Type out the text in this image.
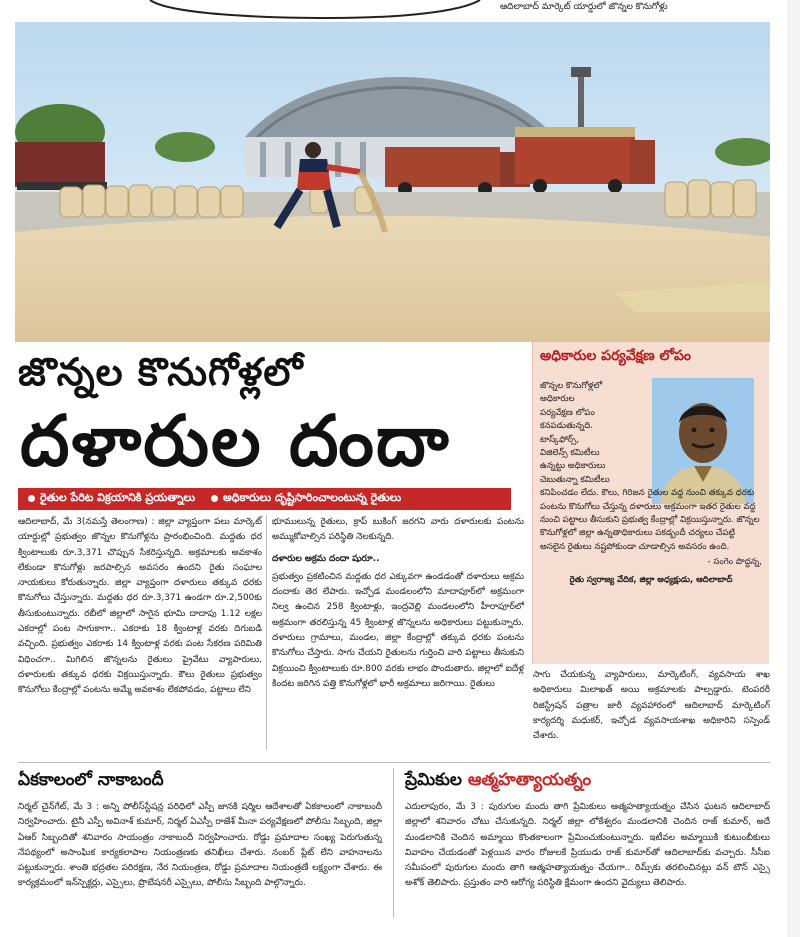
ఆదిలాబాద్ మార్కెట్ యార్డులో జొన్నల కొనుగోళ్లు
జొన్నల కొనుగోళ్లలో
దళారుల దందా
రైతుల పేరిట విక్రయానికి ప్రయత్నాలు	అధికారులు దృష్టిసారించాలంటున్న రైతులు
అధికారుల పర్యవేక్షణ లోపం

జొన్నల కొనుగోళ్లలో

అధికారుల

పర్యవేక్షణ లోపం

కనపడుతున్నది.

టాస్క్‌ఫోర్స్,

విజిలెన్స్ కమిటీలు

ఉన్నట్టు అధికారులు

చెబుతున్నా కమిటీలు

కనిపించడం లేదు. కౌలు, గిరిజన రైతుల వద్ద నుంచి తక్కువ ధరకు పంటను కొనుగోలు చేస్తున్న దళారులు అక్రమంగా ఇతర రైతుల వద్ద నుంచి పట్టాలు తీసుకుని ప్రభుత్వ కేంద్రాల్లో విక్రయిస్తున్నారు. జొన్నల కొనుగోళ్లలో జిల్లా ఉన్నతాధికారులు పకడ్బందీ చర్యలు చేపట్టి అసలైన రైతులు నష్టపోకుండా చూడాల్సిన అవసరం ఉంది.

- సంగెం పొద్దన్న,

రైతు స్వరాజ్య వేదిక, జిల్లా అధ్యక్షుడు, ఆదిలాబాద్

ఆదిలాబాద్, మే 3(నమస్తే తెలంగాణ) : జిల్లా వ్యాప్తంగా పలు మార్కెట్ యార్డుల్లో ప్రభుత్వం జొన్నల కొనుగోళ్లను ప్రారంభించింది. మద్దతు ధర క్వింటాలుకు రూ.3,371 చొప్పున సేకరిస్తున్నది. అక్రమాలకు అవకాశం లేకుండా కొనుగోళ్లు జరపాల్సిన అవసరం ఉందని రైతు సంఘాల నాయకులు కోరుతున్నారు. జిల్లా వ్యాప్తంగా దళారులు తక్కువ ధరకు కొనుగోలు చేస్తున్నారు. మద్దతు ధర రూ.3,371 ఉండగా రూ.2,500కు తీసుకుంటున్నారు. రబీలో జిల్లాలో సాగైన భూమి దాదాపు 1.12 లక్షల ఎకరాల్లో పంట సాగుకాగా.. ఎకరాకు 18 క్వింటాళ్ల వరకు దిగుబడి వచ్చింది. ప్రభుత్వం ఎకరాకు 14 క్వింటాళ్ల వరకు పంట సేకరణ పరిమితి విధించగా.. మిగిలిన జొన్నలను రైతులు ప్రైవేటు వ్యాపారులు, దళారులకు తక్కువ ధరకు విక్రయిస్తున్నారు. కౌలు రైతులు ప్రభుత్వం కొనుగోలు కేంద్రాల్లో పంటను అమ్మే అవకాశం లేకపోవడం, పట్టాలు లేని

భూములున్న రైతులు, క్రాప్ బుకింగ్ జరగని వారు దళారులకు పంటను అమ్ముకోవాల్సిన పరిస్థితి నెలకున్నది.

దళారుల అక్రమ దందా షురూ..

ప్రభుత్వం ప్రకటించిన మద్దతు ధర ఎక్కువగా ఉండడంతో దళారులు అక్రమ దందాకు తెర లేపారు. ఇచ్చోడ మండలంలోని మాదాపూర్‌లో అక్రమంగా నిల్వ ఉంచిన 258 క్వింటాళ్లు, ఇంద్రవెల్లి మండలంలోని హీరాపూర్‌లో అక్రమంగా తరలిస్తున్న 45 క్వింటాళ్ల జొన్నలను అధికారులు పట్టుకున్నారు. దళారులు గ్రామాలు, మండల, జిల్లా కేంద్రాల్లో తక్కువ ధరకు పంటను కొనుగోలు చేస్తారు. సాగు చేయని రైతులను గుర్తించి వారి పట్టాలు తీసుకుని విక్రయించి క్వింటాలుకు రూ.800 వరకు లాభం పొందుతారు. జిల్లాలో ఐదేళ్ల కిందట జరిగిన పత్తి కొనుగోళ్లలో భారీ అక్రమాలు జరిగాయి. రైతులు

సాగు చేయకున్న వ్యాపారులు, మార్కెటింగ్, వ్యవసాయ శాఖ అధికారులు మిలాఖత్ అయి అక్రమాలకు పాల్పడ్డారు. టెంపరరీ రిజిస్ట్రేషన్ పత్రాల జారీ వ్యవహారంలో ఆదిలాబాద్ మార్కెటింగ్ కార్యదర్శి మధుకర్, ఇచ్చోడ వ్యవసాయశాఖ అధికారిని సస్పెండ్ చేశారు.

ఏకకాలంలో నాకాబందీ	ప్రేమికుల ఆత్మహత్యాయత్నం

నిర్మల్ చైన్‌గేట్, మే 3 : అన్ని పోలీస్‌స్టేషన్ల పరిధిలో ఎస్పీ జానకి షర్మిల ఆదేశాలతో ఏకకాలంలో నాకాబందీ నిర్వహించారు. టైనీ ఎస్పీ అవినాశ్ కుమార్, నిర్మల్ ఏఎస్పీ రాజేశ్ మీనా పర్యవేక్షణలో పోలీసు సిబ్బంది, జిల్లా ఏఆర్ సిబ్బందితో శనివారం సాయంత్రం నాకాబందీ నిర్వహించారు. రోడ్డు ప్రమాదాల సంఖ్య పెరుగుతున్న నేపథ్యంలో అసాంఘిక కార్యకలాపాల నియంత్రణకు తనిఖీలు చేశారు. నంబర్ ప్లేట్ లేని వాహనాలను పట్టుకున్నారు. శాంతి భద్రతల పరిరక్షణ, నేర నియంత్రణ, రోడ్డు ప్రమాదాల నియంత్రణే లక్ష్యంగా చేశారు. ఈ కార్యక్రమంలో ఇన్‌స్పెక్టర్లు, ఎస్సైలు, ప్రొబేషనరీ ఎస్సైలు, పోలీసు సిబ్బంది పాల్గొన్నారు.

ఎదులాపురం, మే 3 : పురుగుల మందు తాగి ప్రేమికులు ఆత్మహత్యాయత్నం చేసిన ఘటన ఆదిలాబాద్ జిల్లాలో శనివారం చోటు చేసుకున్నది. నిర్మల్ జిల్లా లోకేశ్వరం మండలానికి చెందిన రాజ్ కుమార్, అదే మండలానికి చెందిన అమ్మాయి కొంతకాలంగా ప్రేమించుకుంటున్నారు. ఇటీవల అమ్మాయికి కుటుంబీకులు వివాహం చేయడంతో పెళ్లయిన వారం రోజులకే ప్రియుడు రాజ్ కుమార్‌తో ఆదిలాబాద్‌కు వచ్చారు. సీసీఐ సమీపంలో పురుగుల మందు తాగి ఆత్మహత్యాయత్నం చేయగా.. రిమ్స్‌కు తరలించినట్లు వన్ టౌన్ ఎస్సై అశోక్ తెలిపారు. ప్రస్తుతం వారి ఆరోగ్య పరిస్థితి క్షేమంగా ఉందని వైద్యులు తెలిపారు.
